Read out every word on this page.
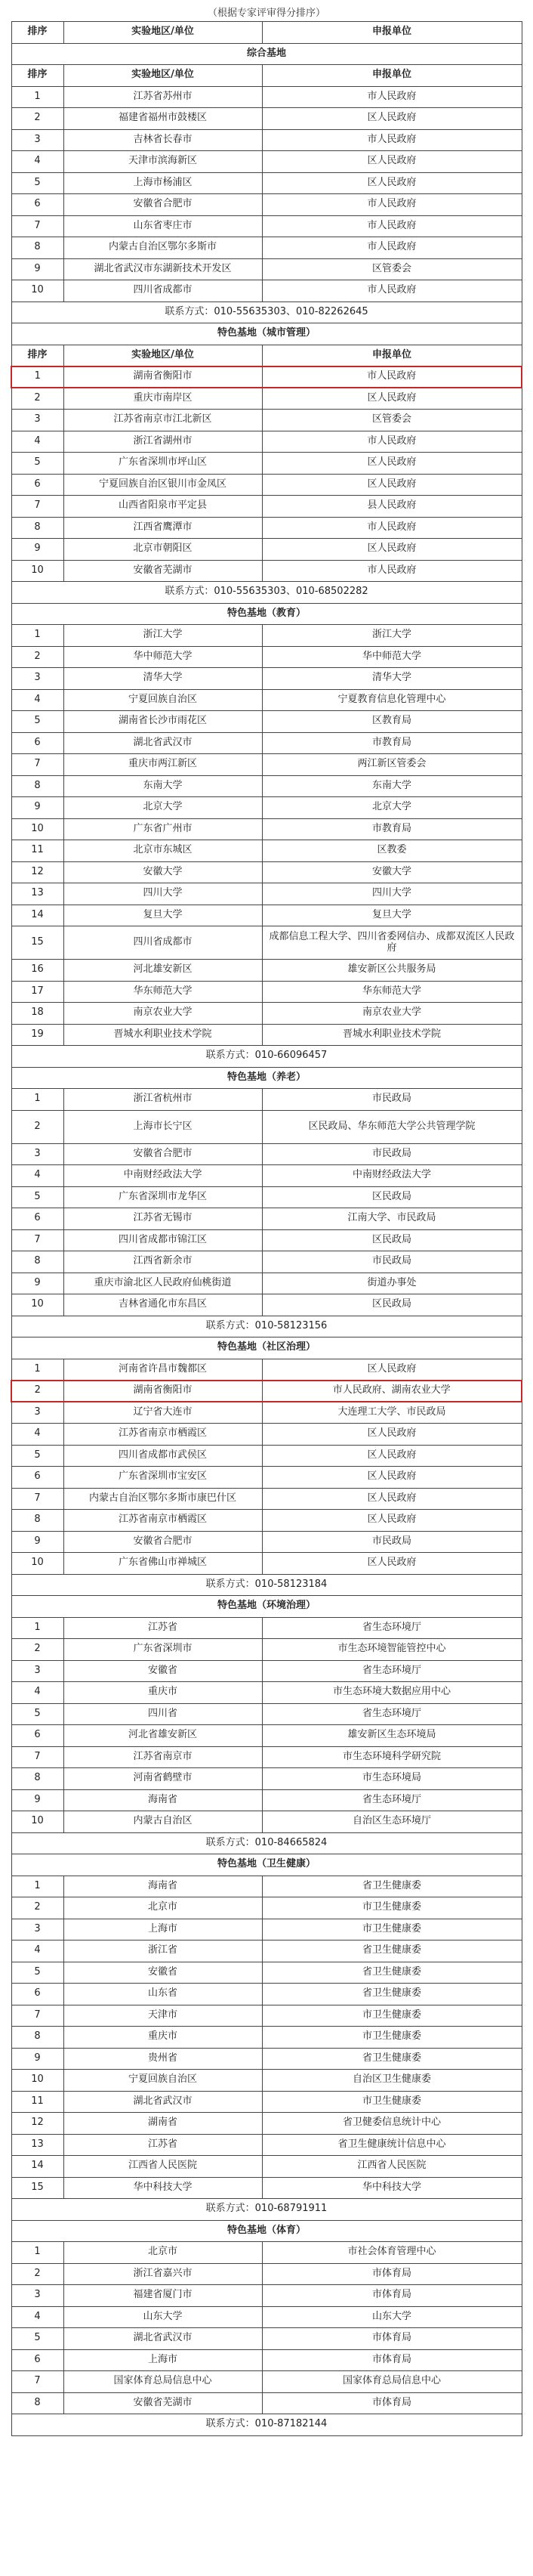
（根据专家评审得分排序）
排序	实验地区/单位	申报单位
综合基地		
排序	实验地区/单位	申报单位
1	江苏省苏州市	市人民政府
2	福建省福州市鼓楼区	区人民政府
3	吉林省长春市	市人民政府
4	天津市滨海新区	区人民政府
5	上海市杨浦区	区人民政府
6	安徽省合肥市	市人民政府
7	山东省枣庄市	市人民政府
8	内蒙古自治区鄂尔多斯市	市人民政府
9	湖北省武汉市东湖新技术开发区	区管委会
10	四川省成都市	市人民政府
联系方式：010-55635303、010-82262645		
特色基地（城市管理）		
排序	实验地区/单位	申报单位
1	湖南省衡阳市	市人民政府
2	重庆市南岸区	区人民政府
3	江苏省南京市江北新区	区管委会
4	浙江省湖州市	市人民政府
5	广东省深圳市坪山区	区人民政府
6	宁夏回族自治区银川市金凤区	区人民政府
7	山西省阳泉市平定县	县人民政府
8	江西省鹰潭市	市人民政府
9	北京市朝阳区	区人民政府
10	安徽省芜湖市	市人民政府
联系方式：010-55635303、010-68502282		
特色基地（教育）		
1	浙江大学	浙江大学
2	华中师范大学	华中师范大学
3	清华大学	清华大学
4	宁夏回族自治区	宁夏教育信息化管理中心
5	湖南省长沙市雨花区	区教育局
6	湖北省武汉市	市教育局
7	重庆市两江新区	两江新区管委会
8	东南大学	东南大学
9	北京大学	北京大学
10	广东省广州市	市教育局
11	北京市东城区	区教委
12	安徽大学	安徽大学
13	四川大学	四川大学
14	复旦大学	复旦大学
15	四川省成都市	成都信息工程大学、四川省委网信办、成都双流区人民政府
16	河北雄安新区	雄安新区公共服务局
17	华东师范大学	华东师范大学
18	南京农业大学	南京农业大学
19	晋城水利职业技术学院	晋城水利职业技术学院
联系方式：010-66096457		
特色基地（养老）		
1	浙江省杭州市	市民政局
2	上海市长宁区	区民政局、华东师范大学公共管理学院
3	安徽省合肥市	市民政局
4	中南财经政法大学	中南财经政法大学
5	广东省深圳市龙华区	区民政局
6	江苏省无锡市	江南大学、市民政局
7	四川省成都市锦江区	区民政局
8	江西省新余市	市民政局
9	重庆市渝北区人民政府仙桃街道	街道办事处
10	吉林省通化市东昌区	区民政局
联系方式：010-58123156		
特色基地（社区治理）		
1	河南省许昌市魏都区	区人民政府
2	湖南省衡阳市	市人民政府、湖南农业大学
3	辽宁省大连市	大连理工大学、市民政局
4	江苏省南京市栖霞区	区人民政府
5	四川省成都市武侯区	区人民政府
6	广东省深圳市宝安区	区人民政府
7	内蒙古自治区鄂尔多斯市康巴什区	区人民政府
8	江苏省南京市栖霞区	区人民政府
9	安徽省合肥市	市民政局
10	广东省佛山市禅城区	区人民政府
联系方式：010-58123184		
特色基地（环境治理）		
1	江苏省	省生态环境厅
2	广东省深圳市	市生态环境智能管控中心
3	安徽省	省生态环境厅
4	重庆市	市生态环境大数据应用中心
5	四川省	省生态环境厅
6	河北省雄安新区	雄安新区生态环境局
7	江苏省南京市	市生态环境科学研究院
8	河南省鹤壁市	市生态环境局
9	海南省	省生态环境厅
10	内蒙古自治区	自治区生态环境厅
联系方式：010-84665824		
特色基地（卫生健康）		
1	海南省	省卫生健康委
2	北京市	市卫生健康委
3	上海市	市卫生健康委
4	浙江省	省卫生健康委
5	安徽省	省卫生健康委
6	山东省	省卫生健康委
7	天津市	市卫生健康委
8	重庆市	市卫生健康委
9	贵州省	省卫生健康委
10	宁夏回族自治区	自治区卫生健康委
11	湖北省武汉市	市卫生健康委
12	湖南省	省卫健委信息统计中心
13	江苏省	省卫生健康统计信息中心
14	江西省人民医院	江西省人民医院
15	华中科技大学	华中科技大学
联系方式：010-68791911		
特色基地（体育）		
1	北京市	市社会体育管理中心
2	浙江省嘉兴市	市体育局
3	福建省厦门市	市体育局
4	山东大学	山东大学
5	湖北省武汉市	市体育局
6	上海市	市体育局
7	国家体育总局信息中心	国家体育总局信息中心
8	安徽省芜湖市	市体育局
联系方式：010-87182144		
